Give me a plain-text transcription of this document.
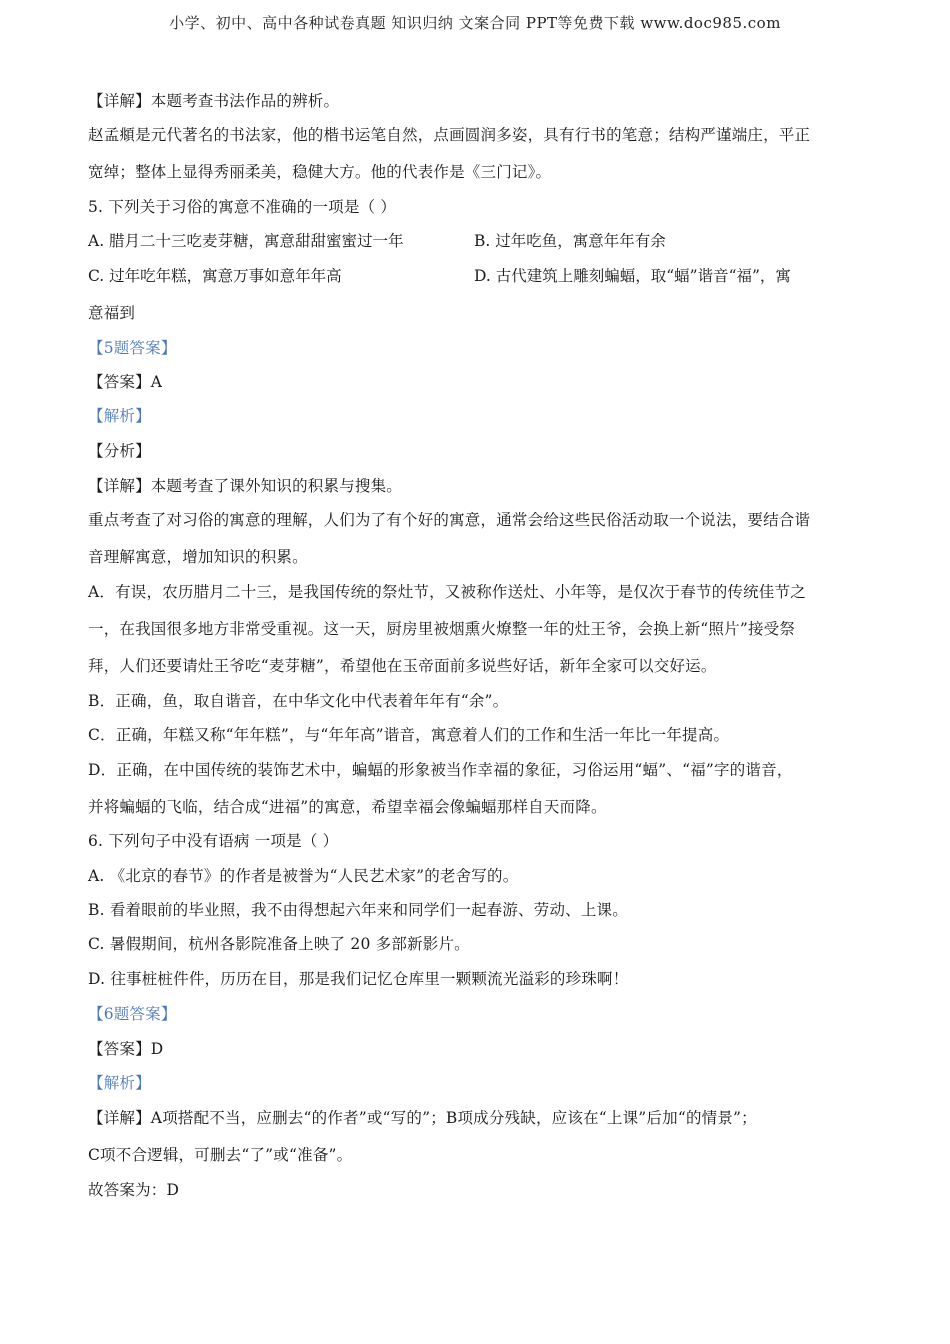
小学、初中、高中各种试卷真题 知识归纳 文案合同 PPT等免费下载 www.doc985.com
【详解】本题考查书法作品的辨析。
赵孟頫是元代著名的书法家，他的楷书运笔自然，点画圆润多姿，具有行书的笔意；结构严谨端庄，平正
宽绰；整体上显得秀丽柔美，稳健大方。他的代表作是《三门记》。
5. 下列关于习俗的寓意不准确的一项是（ ）
A. 腊月二十三吃麦芽糖，寓意甜甜蜜蜜过一年	B. 过年吃鱼，寓意年年有余
C. 过年吃年糕，寓意万事如意年年高	D. 古代建筑上雕刻蝙蝠，取“蝠”谐音“福”，寓
意福到
【5题答案】
【答案】A
【解析】
【分析】
【详解】本题考查了课外知识的积累与搜集。
重点考查了对习俗的寓意的理解，人们为了有个好的寓意，通常会给这些民俗活动取一个说法，要结合谐
音理解寓意，增加知识的积累。
A．有误，农历腊月二十三，是我国传统的祭灶节，又被称作送灶、小年等，是仅次于春节的传统佳节之
一，在我国很多地方非常受重视。这一天，厨房里被烟熏火燎整一年的灶王爷，会换上新“照片”接受祭
拜，人们还要请灶王爷吃“麦芽糖”，希望他在玉帝面前多说些好话，新年全家可以交好运。
B．正确，鱼，取自谐音，在中华文化中代表着年年有“余”。
C．正确，年糕又称“年年糕”，与“年年高”谐音，寓意着人们的工作和生活一年比一年提高。
D．正确，在中国传统的装饰艺术中，蝙蝠的形象被当作幸福的象征，习俗运用“蝠”、“福”字的谐音，
并将蝙蝠的飞临，结合成“进福”的寓意，希望幸福会像蝙蝠那样自天而降。
6. 下列句子中没有语病 一项是（ ）
A. 《北京的春节》的作者是被誉为“人民艺术家”的老舍写的。
B. 看着眼前的毕业照，我不由得想起六年来和同学们一起春游、劳动、上课。
C. 暑假期间，杭州各影院准备上映了 20 多部新影片。
D. 往事桩桩件件，历历在目，那是我们记忆仓库里一颗颗流光溢彩的珍珠啊！
【6题答案】
【答案】D
【解析】
【详解】A项搭配不当，应删去“的作者”或“写的”；B项成分残缺，应该在“上课”后加“的情景”；
C项不合逻辑，可删去“了”或“准备”。
故答案为：D
